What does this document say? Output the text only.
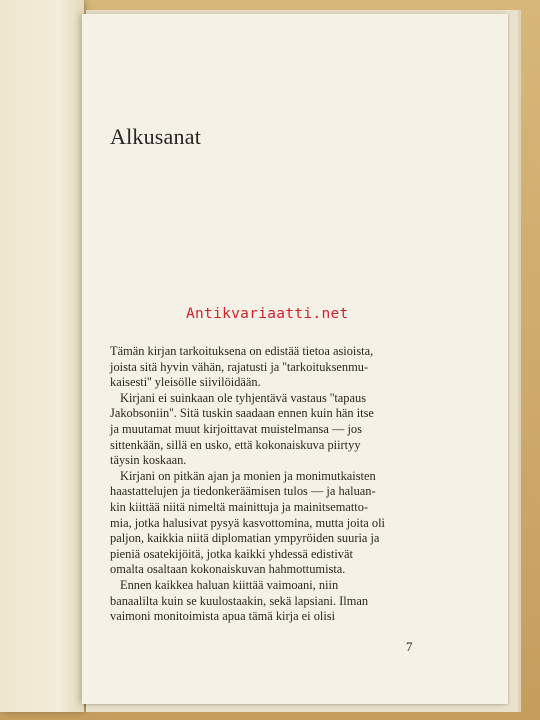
Alkusanat
Antikvariaatti.net

Tämän kirjan tarkoituksena on edistää tietoa asioista,
joista sitä hyvin vähän, rajatusti ja ''tarkoituksenmu-
kaisesti'' yleisölle siivilöidään.

Kirjani ei suinkaan ole tyhjentävä vastaus ''tapaus
Jakobsoniin''. Sitä tuskin saadaan ennen kuin hän itse
ja muutamat muut kirjoittavat muistelmansa — jos
sittenkään, sillä en usko, että kokonaiskuva piirtyy
täysin koskaan.

Kirjani on pitkän ajan ja monien ja monimutkaisten
haastattelujen ja tiedonkeräämisen tulos — ja haluan-
kin kiittää niitä nimeltä mainittuja ja mainitsematto-
mia, jotka halusivat pysyä kasvottomina, mutta joita oli
paljon, kaikkia niitä diplomatian ympyröiden suuria ja
pieniä osatekijöitä, jotka kaikki yhdessä edistivät
omalta osaltaan kokonaiskuvan hahmottumista.

Ennen kaikkea haluan kiittää vaimoani, niin
banaalilta kuin se kuulostaakin, sekä lapsiani. Ilman
vaimoni monitoimista apua tämä kirja ei olisi

7
